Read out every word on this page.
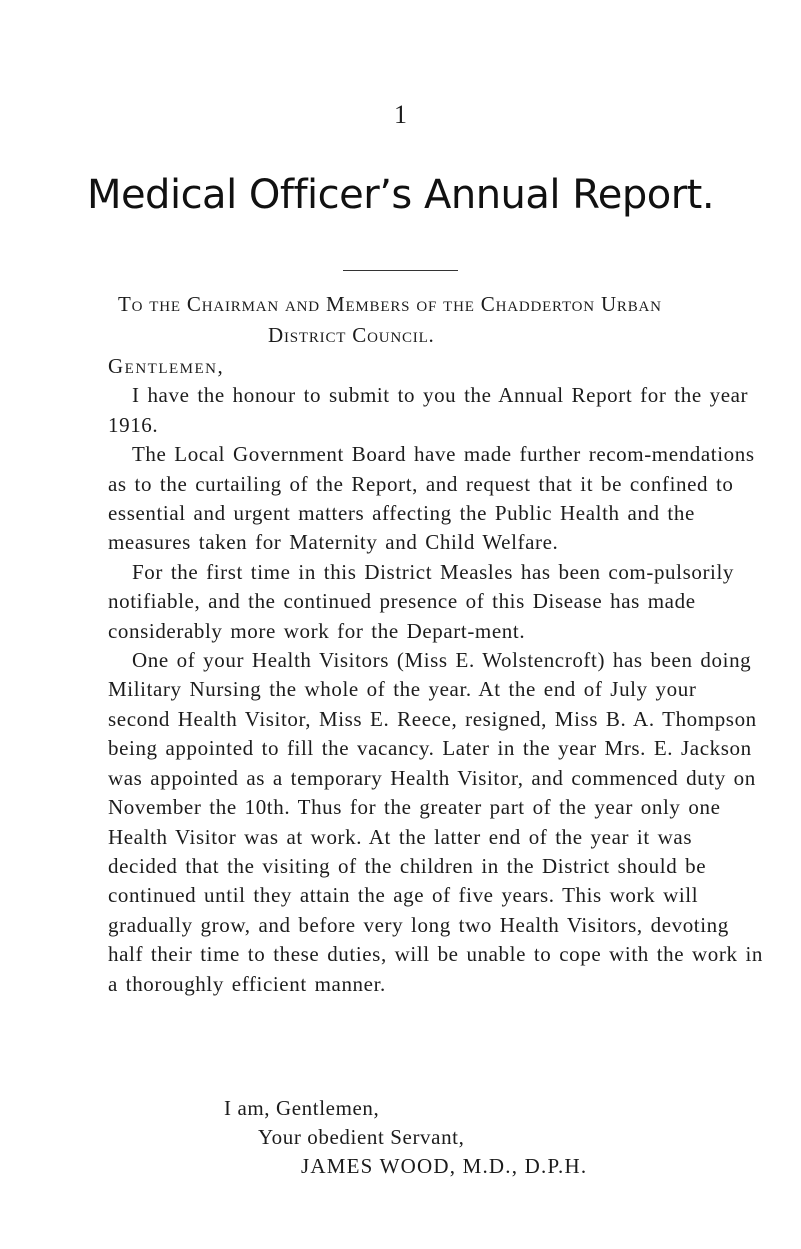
1
Medical Officer’s Annual Report.
To the Chairman and Members of the Chadderton Urban
District Council.

Gentlemen,

I have the honour to submit to you the Annual Report for the year 1916.

The Local Government Board have made further recom-mendations as to the curtailing of the Report, and request that it be confined to essential and urgent matters affecting the Public Health and the measures taken for Maternity and Child Welfare.

For the first time in this District Measles has been com-pulsorily notifiable, and the continued presence of this Disease has made considerably more work for the Depart-ment.

One of your Health Visitors (Miss E. Wolstencroft) has been doing Military Nursing the whole of the year. At the end of July your second Health Visitor, Miss E. Reece, resigned, Miss B. A. Thompson being appointed to fill the vacancy. Later in the year Mrs. E. Jackson was appointed as a temporary Health Visitor, and commenced duty on November the 10th. Thus for the greater part of the year only one Health Visitor was at work. At the latter end of the year it was decided that the visiting of the children in the District should be continued until they attain the age of five years. This work will gradually grow, and before very long two Health Visitors, devoting half their time to these duties, will be unable to cope with the work in a thoroughly efficient manner.

I am, Gentlemen,
Your obedient Servant,
JAMES WOOD, M.D., D.P.H.
